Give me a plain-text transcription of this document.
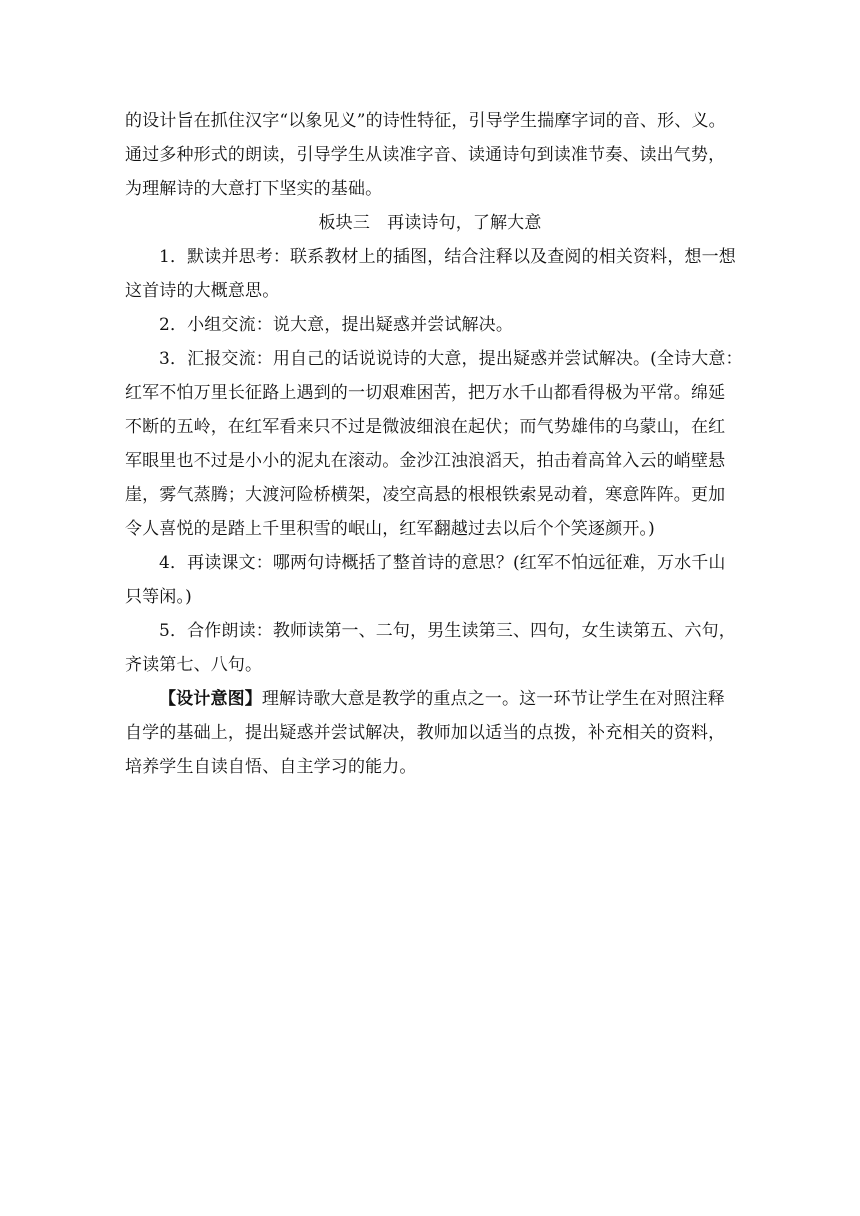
的设计旨在抓住汉字“以象见义”的诗性特征，引导学生揣摩字词的音、形、义。
通过多种形式的朗读，引导学生从读准字音、读通诗句到读准节奏、读出气势，
为理解诗的大意打下坚实的基础。
板块三　再读诗句，了解大意
1．默读并思考：联系教材上的插图，结合注释以及查阅的相关资料，想一想
这首诗的大概意思。
2．小组交流：说大意，提出疑惑并尝试解决。
3．汇报交流：用自己的话说说诗的大意，提出疑惑并尝试解决。(全诗大意：
红军不怕万里长征路上遇到的一切艰难困苦，把万水千山都看得极为平常。绵延
不断的五岭，在红军看来只不过是微波细浪在起伏；而气势雄伟的乌蒙山，在红
军眼里也不过是小小的泥丸在滚动。金沙江浊浪滔天，拍击着高耸入云的峭壁悬
崖，雾气蒸腾；大渡河险桥横架，凌空高悬的根根铁索晃动着，寒意阵阵。更加
令人喜悦的是踏上千里积雪的岷山，红军翻越过去以后个个笑逐颜开。)
4．再读课文：哪两句诗概括了整首诗的意思？(红军不怕远征难，万水千山
只等闲。)
5．合作朗读：教师读第一、二句，男生读第三、四句，女生读第五、六句，
齐读第七、八句。
【设计意图】理解诗歌大意是教学的重点之一。这一环节让学生在对照注释
自学的基础上，提出疑惑并尝试解决，教师加以适当的点拨，补充相关的资料，
培养学生自读自悟、自主学习的能力。
